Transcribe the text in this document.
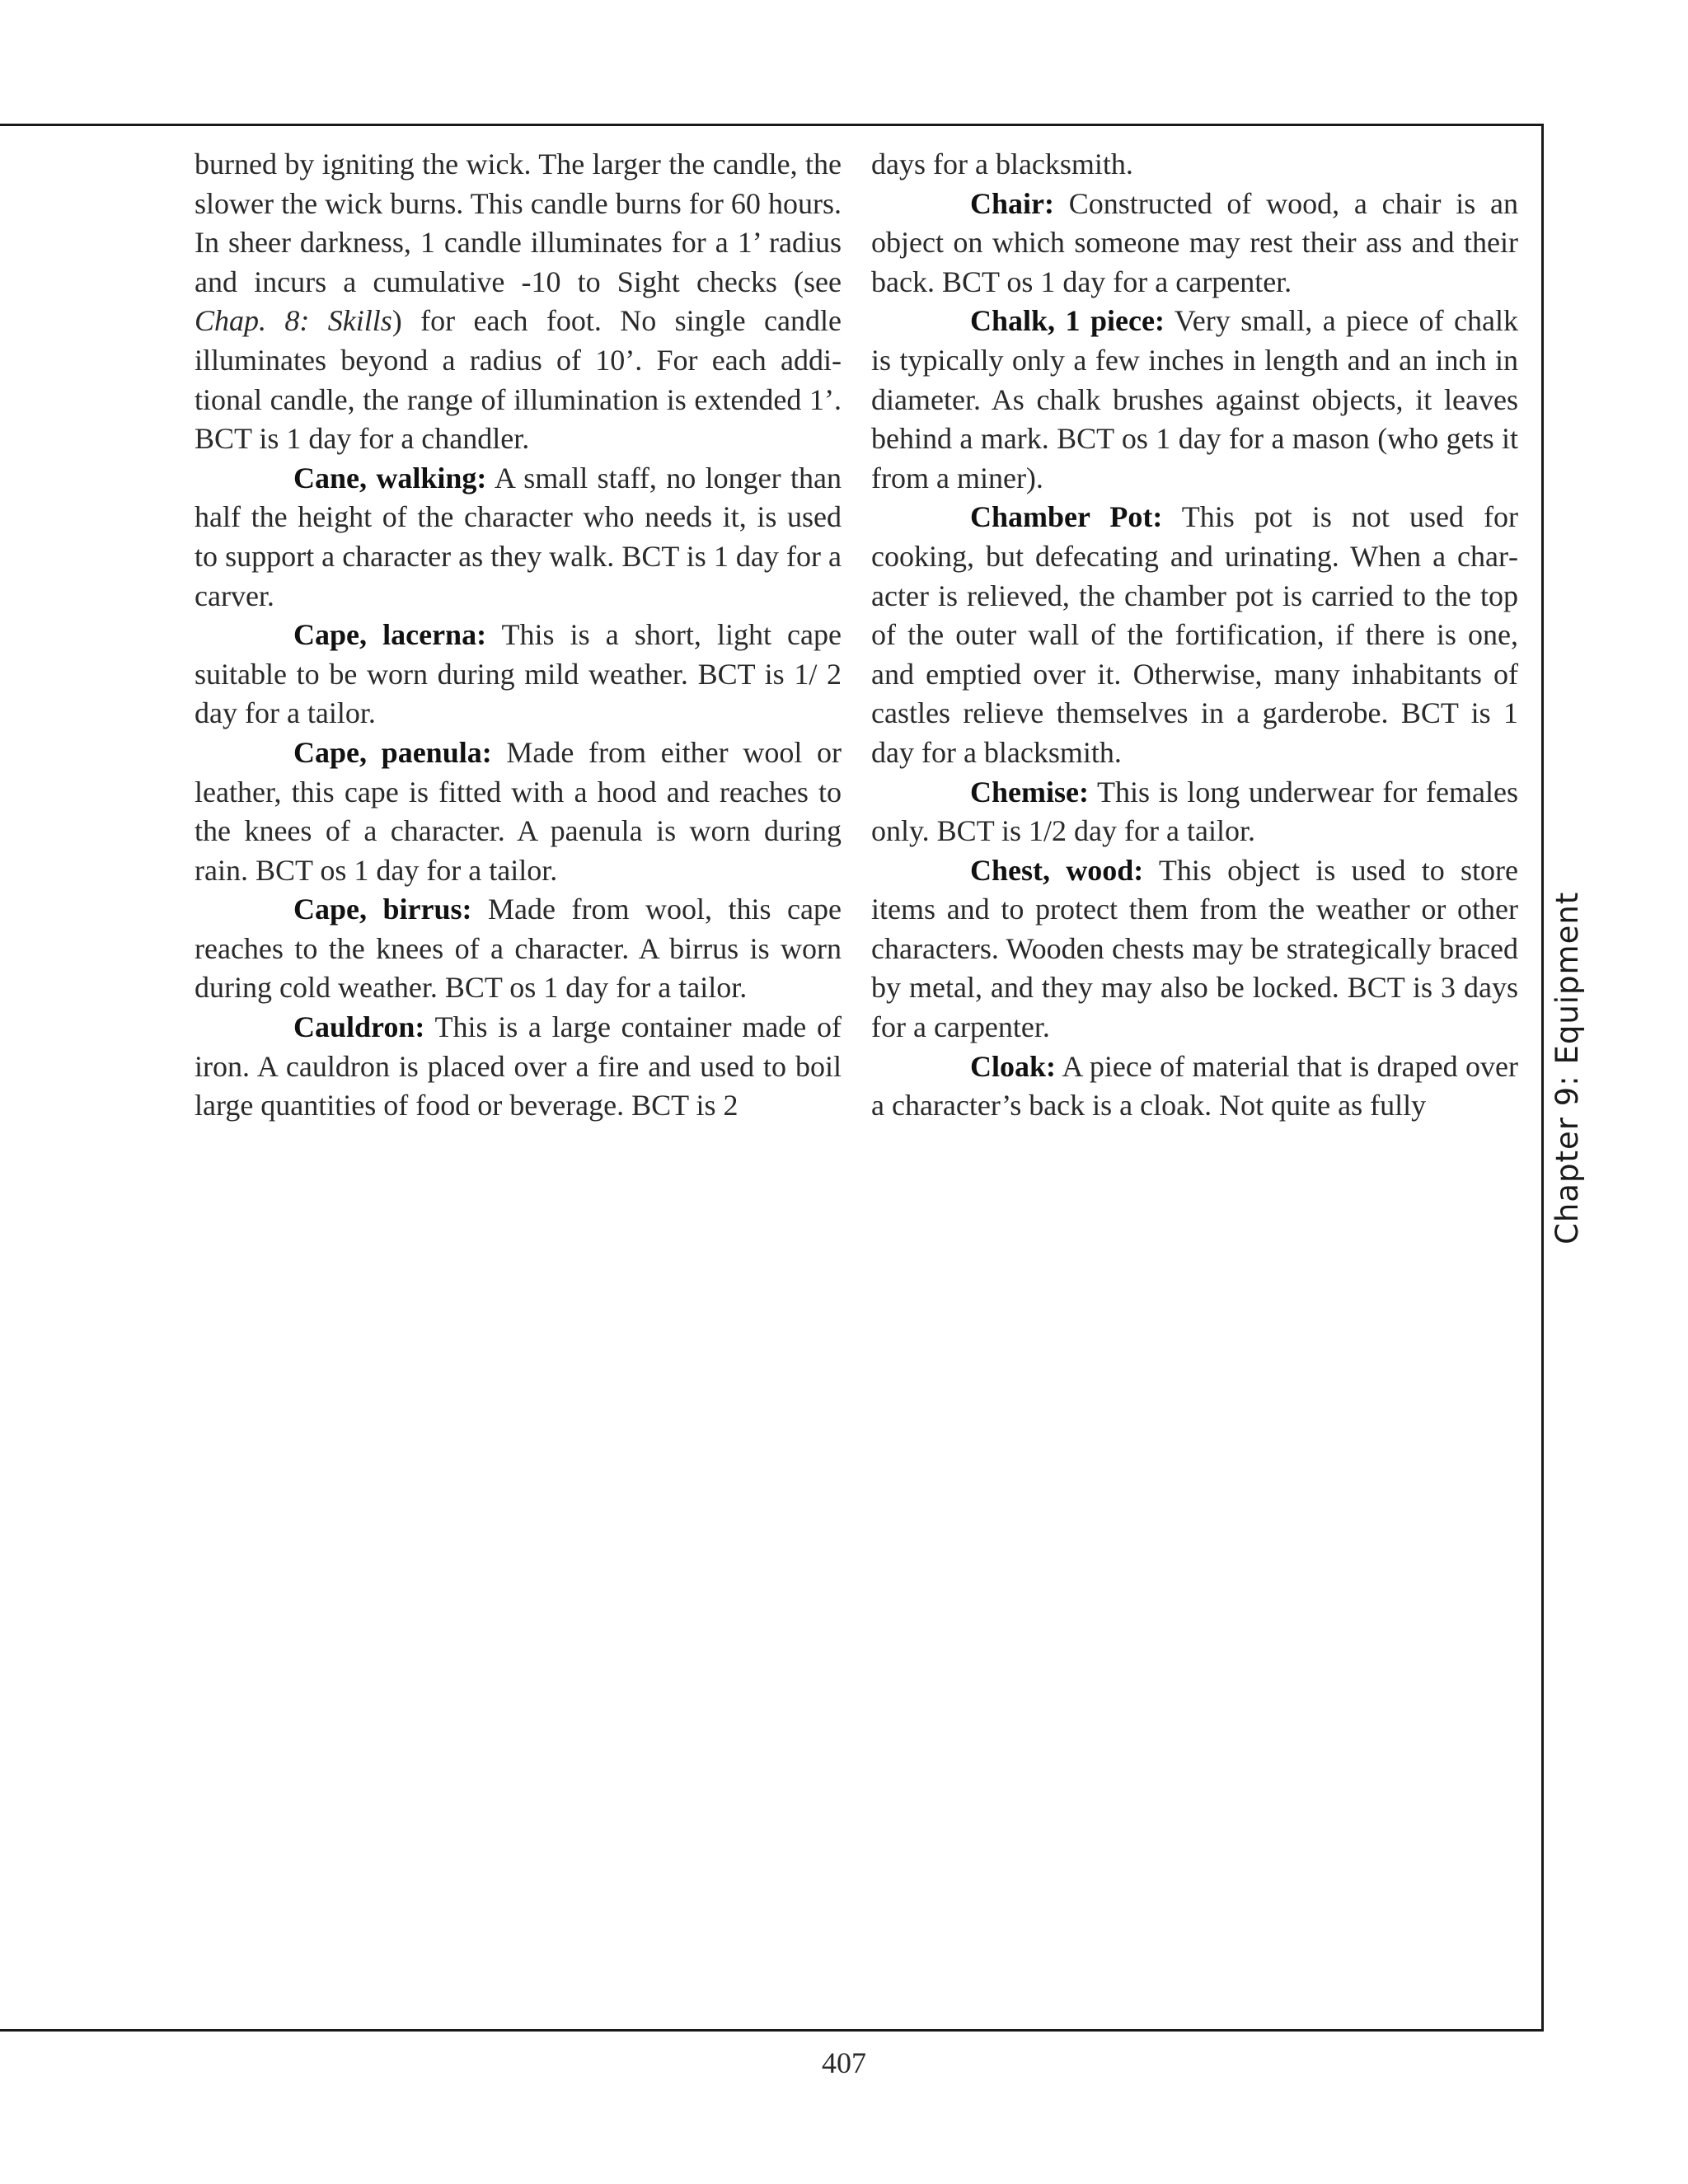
burned by igniting the wick. The larger the candle, the slower the wick burns. This candle burns for 60 hours. In sheer darkness, 1 candle illuminates for a 1’ radius and incurs a cumulative -10 to Sight checks (see Chap. 8: Skills) for each foot. No single candle illuminates beyond a radius of 10’. For each additional candle, the range of illumination is extended 1’. BCT is 1 day for a chandler.

Cane, walking: A small staff, no longer than half the height of the character who needs it, is used to support a character as they walk. BCT is 1 day for a carver.

Cape, lacerna: This is a short, light cape suitable to be worn during mild weather. BCT is 1/ 2 day for a tailor.

Cape, paenula: Made from either wool or leather, this cape is fitted with a hood and reaches to the knees of a character. A paenula is worn during rain. BCT os 1 day for a tailor.

Cape, birrus: Made from wool, this cape reaches to the knees of a character. A birrus is worn during cold weather. BCT os 1 day for a tailor.

Cauldron: This is a large container made of iron. A cauldron is placed over a fire and used to boil large quantities of food or beverage. BCT is 2

days for a blacksmith.

Chair: Constructed of wood, a chair is an object on which someone may rest their ass and their back. BCT os 1 day for a carpenter.

Chalk, 1 piece: Very small, a piece of chalk is typically only a few inches in length and an inch in diameter. As chalk brushes against objects, it leaves behind a mark. BCT os 1 day for a mason (who gets it from a miner).

Chamber Pot: This pot is not used for cooking, but defecating and urinating. When a character is relieved, the chamber pot is carried to the top of the outer wall of the fortification, if there is one, and emptied over it. Otherwise, many inhabitants of castles relieve themselves in a garderobe. BCT is 1 day for a blacksmith.

Chemise: This is long underwear for females only. BCT is 1/2 day for a tailor.

Chest, wood: This object is used to store items and to protect them from the weather or other characters. Wooden chests may be strategically braced by metal, and they may also be locked. BCT is 3 days for a carpenter.

Cloak: A piece of material that is draped over a character’s back is a cloak. Not quite as fully	Chapter 9: Equipment
407
